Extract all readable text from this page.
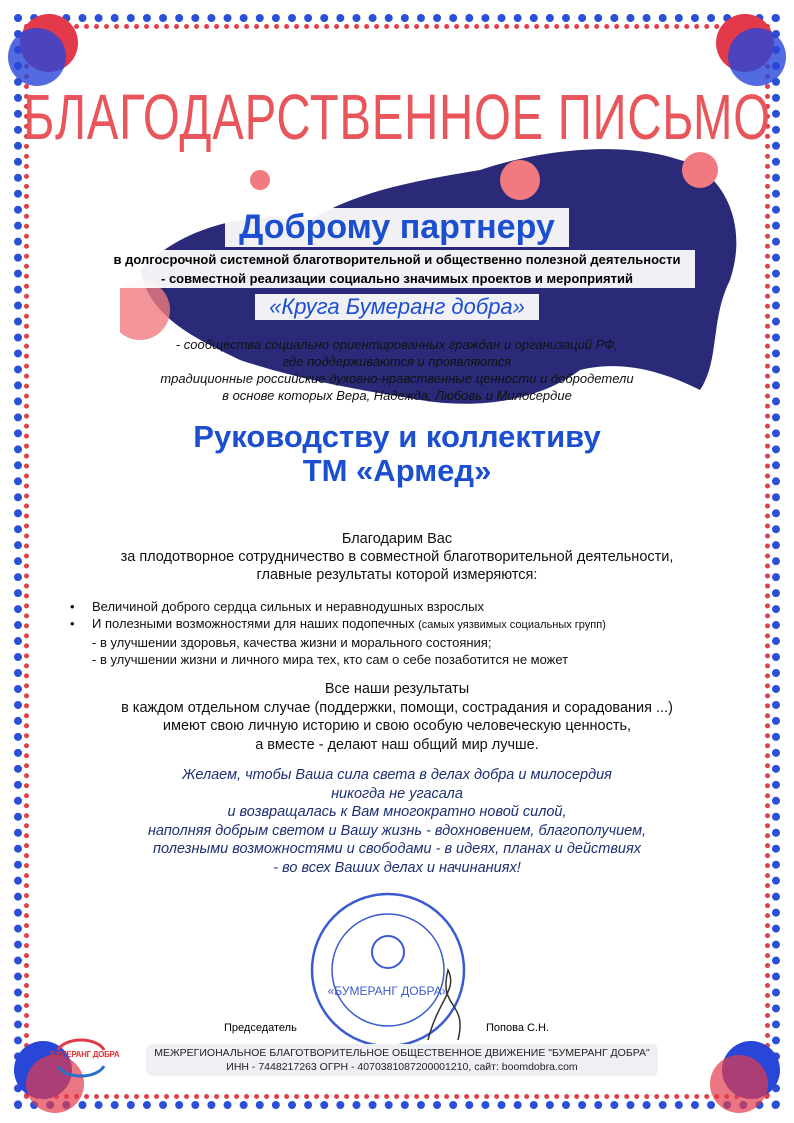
БЛАГОДАРСТВЕННОЕ ПИСЬМО
Доброму партнеру
в долгосрочной системной благотворительной и общественно полезной деятельности
- совместной реализации социально значимых проектов и мероприятий
«Круга Бумеранг добра»
- сообщества социально ориентированных граждан и организаций РФ,
где поддерживаются и проявляются
традиционные российские духовно-нравственные ценности и добродетели
в основе которых Вера, Надежда, Любовь и Милосердие
Руководству и коллективу
ТМ «Армед»
Благодарим Вас
за плодотворное сотрудничество в совместной благотворительной деятельности,
главные результаты которой измеряются:
• Величиной доброго сердца сильных и неравнодушных взрослых
• И полезными возможностями для наших подопечных (самых уязвимых социальных групп)
- в улучшении здоровья, качества жизни и морального состояния;
- в улучшении жизни и личного мира тех, кто сам о себе позаботится не может
Все наши результаты
в каждом отдельном случае (поддержки, помощи, сострадания и сорадования ...)
имеют свою личную историю и свою особую человеческую ценность,
а вместе - делают наш общий мир лучше.
Желаем, чтобы Ваша сила света в делах добра и милосердия
никогда не угасала
и возвращалась к Вам многократно новой силой,
наполняя добрым светом и Вашу жизнь - вдохновением, благополучием,
полезными возможностями и свободами - в идеях, планах и действиях
- во всех Ваших делах и начинаниях!
«БУМЕРАНГ ДОБРА»
Председатель	Попова С.Н.
БУМЕРАНГ ДОБРА	МЕЖРЕГИОНАЛЬНОЕ БЛАГОТВОРИТЕЛЬНОЕ ОБЩЕСТВЕННОЕ ДВИЖЕНИЕ "БУМЕРАНГ ДОБРА"
ИНН - 7448217263 ОГРН - 4070381087200001210, сайт: boomdobra.com
